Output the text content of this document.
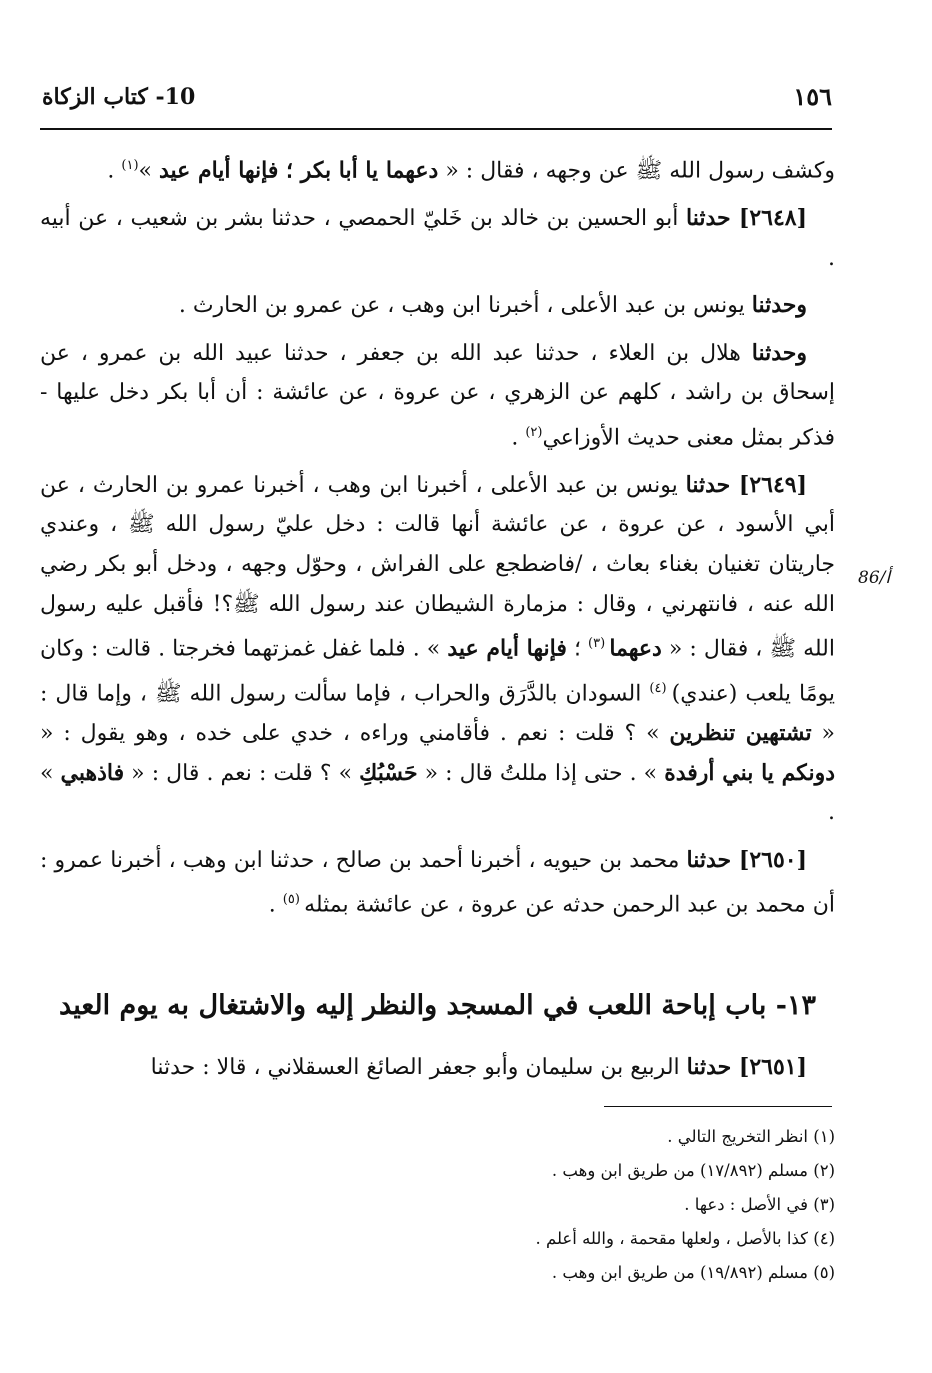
١٥٦
10- كتاب الزكاة
86/أ

وكشف رسول الله ﷺ عن وجهه ، فقال : « دعهما يا أبا بكر ؛ فإنها أيام عيد »$^{(١)}$ .

[٢٦٤٨] حدثنا أبو الحسين بن خالد بن خَليّ الحمصي ، حدثنا بشر بن شعيب ، عن أبيه .

وحدثنا يونس بن عبد الأعلى ، أخبرنا ابن وهب ، عن عمرو بن الحارث .

وحدثنا هلال بن العلاء ، حدثنا عبد الله بن جعفر ، حدثنا عبيد الله بن عمرو ، عن إسحاق بن راشد ، كلهم عن الزهري ، عن عروة ، عن عائشة : أن أبا بكر دخل عليها - فذكر بمثل معنى حديث الأوزاعي$^{(٢)}$ .

[٢٦٤٩] حدثنا يونس بن عبد الأعلى ، أخبرنا ابن وهب ، أخبرنا عمرو بن الحارث ، عن أبي الأسود ، عن عروة ، عن عائشة أنها قالت : دخل عليّ رسول الله ﷺ ، وعندي جاريتان تغنيان بغناء بعاث ، /فاضطجع على الفراش ، وحوّل وجهه ، ودخل أبو بكر رضي الله عنه ، فانتهرني ، وقال : مزمارة الشيطان عند رسول الله ﷺ؟! فأقبل عليه رسول الله ﷺ ، فقال : « دعهما $^{(٣)}$ ؛ فإنها أيام عيد » . فلما غفل غمزتهما فخرجتا . قالت : وكان يومًا يلعب (عندي) $^{(٤)}$ السودان بالدَّرَق والحراب ، فإما سألت رسول الله ﷺ ، وإما قال : « تشتهين تنظرين » ؟ قلت : نعم . فأقامني وراءه ، خدي على خده ، وهو يقول : « دونكم يا بني أرفدة » . حتى إذا مللتُ قال : « حَسْبُكِ » ؟ قلت : نعم . قال : « فاذهبي » .

[٢٦٥٠] حدثنا محمد بن حيويه ، أخبرنا أحمد بن صالح ، حدثنا ابن وهب ، أخبرنا عمرو : أن محمد بن عبد الرحمن حدثه عن عروة ، عن عائشة بمثله $^{(٥)}$ .

١٣- باب إباحة اللعب في المسجد والنظر إليه والاشتغال به يوم العيد
[٢٦٥١] حدثنا الربيع بن سليمان وأبو جعفر الصائغ العسقلاني ، قالا : حدثنا
(١) انظر التخريج التالي .
(٢) مسلم (١٧/٨٩٢) من طريق ابن وهب .
(٣) في الأصل : دعها .
(٤) كذا بالأصل ، ولعلها مقحمة ، والله أعلم .
(٥) مسلم (١٩/٨٩٢) من طريق ابن وهب .
